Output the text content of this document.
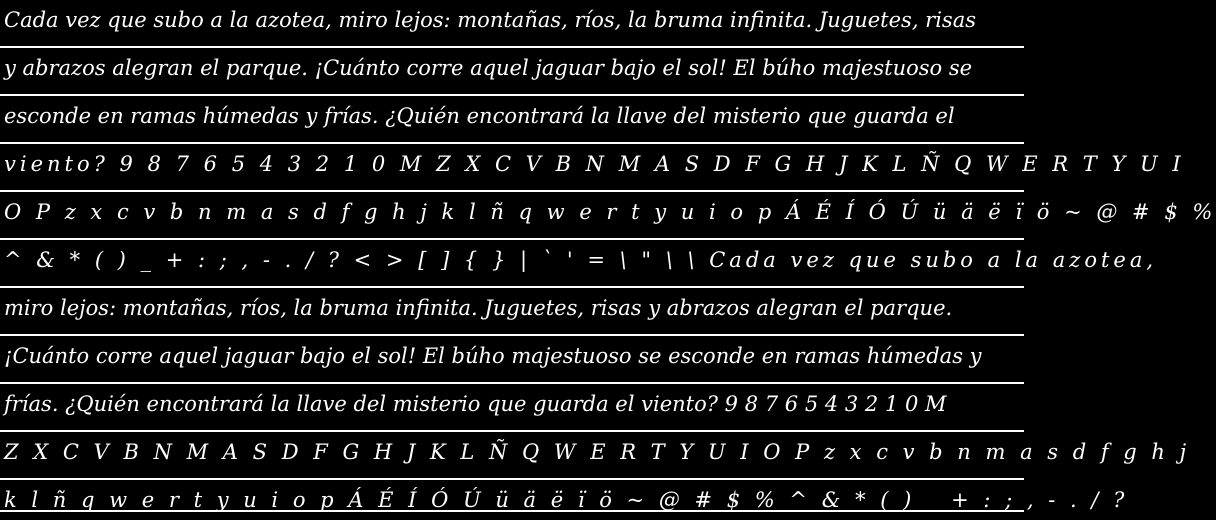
Cada vez que subo a la azotea, miro lejos: montañas, ríos, la bruma infinita. Juguetes, risas
y abrazos alegran el parque. ¡Cuánto corre aquel jaguar bajo el sol! El búho majestuoso se
esconde en ramas húmedas y frías. ¿Quién encontrará la llave del misterio que guarda el
viento? 9 8 7 6 5 4 3 2 1 0 M Z X C V B N M A S D F G H J K L Ñ Q W E R T Y U I
O P z x c v b n m a s d f g h j k l ñ q w e r t y u i o p Á É Í Ó Ú ü ä ë ï ö ~ @ # $ %
^ & * ( ) _ + : ; , - . / ? < > [ ] { } | ` ' = \ " \ \ Cada vez que subo a la azotea,
miro lejos: montañas, ríos, la bruma infinita. Juguetes, risas y abrazos alegran el parque.
¡Cuánto corre aquel jaguar bajo el sol! El búho majestuoso se esconde en ramas húmedas y
frías. ¿Quién encontrará la llave del misterio que guarda el viento? 9 8 7 6 5 4 3 2 1 0 M
Z X C V B N M A S D F G H J K L Ñ Q W E R T Y U I O P z x c v b n m a s d f g h j
k l ñ q w e r t y u i o p Á É Í Ó Ú ü ä ë ï ö ~ @ # $ % ^ & * ( ) _ + : ; , - . / ?
